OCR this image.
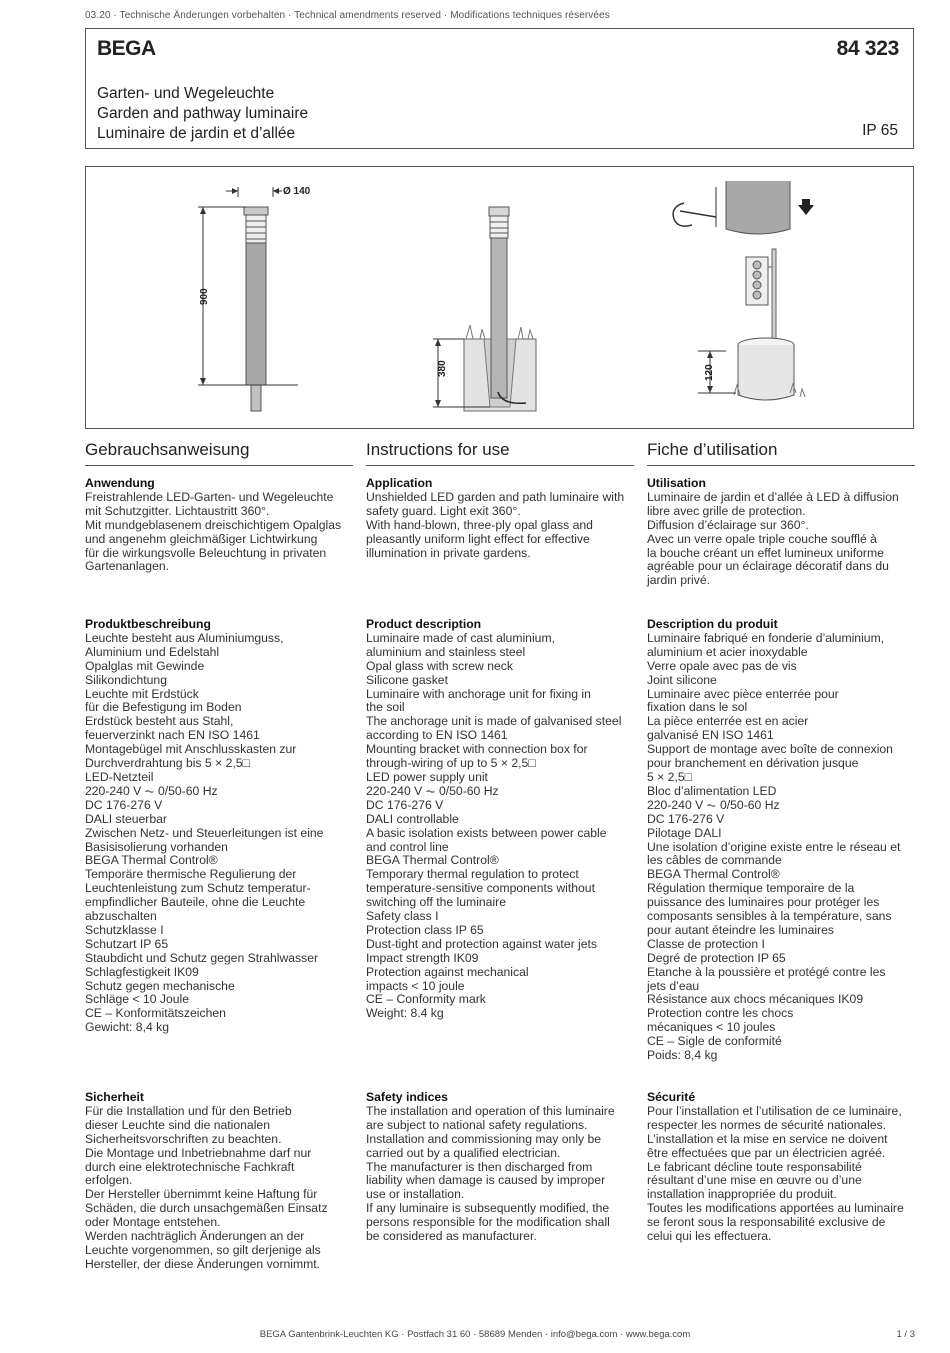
03.20 · Technische Änderungen vorbehalten · Technical amendments reserved · Modifications techniques réservées
BEGA	84 323
Garten- und Wegeleuchte
Garden and pathway luminaire
Luminaire de jardin et d’allée	IP 65
Ø 140
900
380	120
Gebrauchsanweisung	Instructions for use	Fiche d’utilisation
Anwendung
Freistrahlende LED-Garten- und Wegeleuchte
mit Schutzgitter. Lichtaustritt 360°.
Mit mundgeblasenem dreischichtigem Opalglas
und angenehm gleichmäßiger Lichtwirkung
für die wirkungsvolle Beleuchtung in privaten
Gartenanlagen.
Produktbeschreibung
Leuchte besteht aus Aluminiumguss,
Aluminium und Edelstahl
Opalglas mit Gewinde
Silikondichtung
Leuchte mit Erdstück
für die Befestigung im Boden
Erdstück besteht aus Stahl,
feuerverzinkt nach EN ISO 1461
Montagebügel mit Anschlusskasten zur
Durchverdrahtung bis 5 × 2,5□
LED-Netzteil
220-240 V ⏦ 0/50-60 Hz
DC 176-276 V
DALI steuerbar
Zwischen Netz- und Steuerleitungen ist eine
Basisisolierung vorhanden
BEGA Thermal Control®
Temporäre thermische Regulierung der
Leuchtenleistung zum Schutz temperatur-
empfindlicher Bauteile, ohne die Leuchte
abzuschalten
Schutzklasse I
Schutzart IP 65
Staubdicht und Schutz gegen Strahlwasser
Schlagfestigkeit IK09
Schutz gegen mechanische
Schläge < 10 Joule
CE – Konformitätszeichen
Gewicht: 8,4 kg
Sicherheit
Für die Installation und für den Betrieb
dieser Leuchte sind die nationalen
Sicherheitsvorschriften zu beachten.
Die Montage und Inbetriebnahme darf nur
durch eine elektrotechnische Fachkraft
erfolgen.
Der Hersteller übernimmt keine Haftung für
Schäden, die durch unsachgemäßen Einsatz
oder Montage entstehen.
Werden nachträglich Änderungen an der
Leuchte vorgenommen, so gilt derjenige als
Hersteller, der diese Änderungen vornimmt.
Application
Unshielded LED garden and path luminaire with
safety guard. Light exit 360°.
With hand-blown, three-ply opal glass and
pleasantly uniform light effect for effective
illumination in private gardens.
Product description
Luminaire made of cast aluminium,
aluminium and stainless steel
Opal glass with screw neck
Silicone gasket
Luminaire with anchorage unit for fixing in
the soil
The anchorage unit is made of galvanised steel
according to EN ISO 1461
Mounting bracket with connection box for
through-wiring of up to 5 × 2,5□
LED power supply unit
220-240 V ⏦ 0/50-60 Hz
DC 176-276 V
DALI controllable
A basic isolation exists between power cable
and control line
BEGA Thermal Control®
Temporary thermal regulation to protect
temperature-sensitive components without
switching off the luminaire
Safety class I
Protection class IP 65
Dust-tight and protection against water jets
Impact strength IK09
Protection against mechanical
impacts < 10 joule
CE – Conformity mark
Weight: 8.4 kg
Safety indices
The installation and operation of this luminaire
are subject to national safety regulations.
Installation and commissioning may only be
carried out by a qualified electrician.
The manufacturer is then discharged from
liability when damage is caused by improper
use or installation.
If any luminaire is subsequently modified, the
persons responsible for the modification shall
be considered as manufacturer.
Utilisation
Luminaire de jardin et d’allée à LED à diffusion
libre avec grille de protection.
Diffusion d’éclairage sur 360°.
Avec un verre opale triple couche soufflé à
la bouche créant un effet lumineux uniforme
agréable pour un éclairage décoratif dans du
jardin privé.
Description du produit
Luminaire fabriqué en fonderie d’aluminium,
aluminium et acier inoxydable
Verre opale avec pas de vis
Joint silicone
Luminaire avec pièce enterrée pour
fixation dans le sol
La pièce enterrée est en acier
galvanisé EN ISO 1461
Support de montage avec boîte de connexion
pour branchement en dérivation jusque
5 × 2,5□
Bloc d’alimentation LED
220-240 V ⏦ 0/50-60 Hz
DC 176-276 V
Pilotage DALI
Une isolation d’origine existe entre le réseau et
les câbles de commande
BEGA Thermal Control®
Régulation thermique temporaire de la
puissance des luminaires pour protéger les
composants sensibles à la température, sans
pour autant éteindre les luminaires
Classe de protection I
Degré de protection IP 65
Etanche à la poussière et protégé contre les
jets d’eau
Résistance aux chocs mécaniques IK09
Protection contre les chocs
mécaniques < 10 joules
CE – Sigle de conformité
Poids: 8,4 kg
Sécurité
Pour l’installation et l’utilisation de ce luminaire,
respecter les normes de sécurité nationales.
L’installation et la mise en service ne doivent
être effectuées que par un électricien agréé.
Le fabricant décline toute responsabilité
résultant d’une mise en œuvre ou d’une
installation inappropriée du produit.
Toutes les modifications apportées au luminaire
se feront sous la responsabilité exclusive de
celui qui les effectuera.
BEGA Gantenbrink-Leuchten KG · Postfach 31 60 · 58689 Menden · info@bega.com · www.bega.com	1 / 3
